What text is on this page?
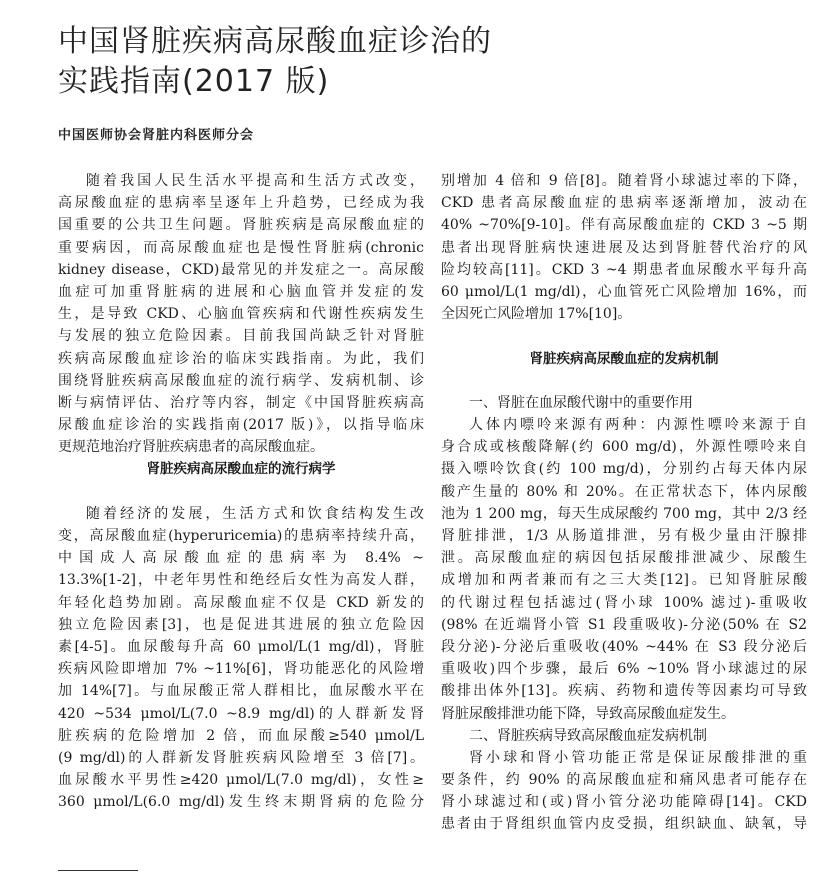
中国肾脏疾病高尿酸血症诊治的
实践指南(2017 版)
中国医师协会肾脏内科医师分会
随着我国人民生活水平提高和生活方式改变，
高尿酸血症的患病率呈逐年上升趋势，已经成为我
国重要的公共卫生问题。肾脏疾病是高尿酸血症的
重要病因，而高尿酸血症也是慢性肾脏病(chronic
kidney disease，CKD)最常见的并发症之一。高尿酸
血症可加重肾脏病的进展和心脑血管并发症的发
生，是导致 CKD、心脑血管疾病和代谢性疾病发生
与发展的独立危险因素。目前我国尚缺乏针对肾脏
疾病高尿酸血症诊治的临床实践指南。为此，我们
围绕肾脏疾病高尿酸血症的流行病学、发病机制、诊
断与病情评估、治疗等内容，制定《中国肾脏疾病高
尿酸血症诊治的实践指南(2017 版)》，以指导临床
更规范地治疗肾脏疾病患者的高尿酸血症。
肾脏疾病高尿酸血症的流行病学
随着经济的发展，生活方式和饮食结构发生改
变，高尿酸血症(hyperuricemia)的患病率持续升高，
中国成人高尿酸血症的患病率为 8.4% ~
13.3%[1-2]，中老年男性和绝经后女性为高发人群，
年轻化趋势加剧。高尿酸血症不仅是 CKD 新发的
独立危险因素[3]，也是促进其进展的独立危险因
素[4-5]。血尿酸每升高 60 μmol/L(1 mg/dl)，肾脏
疾病风险即增加 7% ~11%[6]，肾功能恶化的风险增
加 14%[7]。与血尿酸正常人群相比，血尿酸水平在
420 ~534 μmol/L(7.0 ~8.9 mg/dl)的人群新发肾
脏疾病的危险增加 2 倍，而血尿酸≥540 μmol/L
(9 mg/dl)的人群新发肾脏疾病风险增至 3 倍[7]。
血尿酸水平男性≥420 μmol/L(7.0 mg/dl)，女性≥
360 μmol/L(6.0 mg/dl)发生终末期肾病的危险分
别增加 4 倍和 9 倍[8]。随着肾小球滤过率的下降，
CKD 患者高尿酸血症的患病率逐渐增加，波动在
40% ~70%[9-10]。伴有高尿酸血症的 CKD 3 ~5 期
患者出现肾脏病快速进展及达到肾脏替代治疗的风
险均较高[11]。CKD 3 ~4 期患者血尿酸水平每升高
60 μmol/L(1 mg/dl)，心血管死亡风险增加 16%，而
全因死亡风险增加 17%[10]。
肾脏疾病高尿酸血症的发病机制
一、肾脏在血尿酸代谢中的重要作用
人体内嘌呤来源有两种：内源性嘌呤来源于自
身合成或核酸降解(约 600 mg/d)，外源性嘌呤来自
摄入嘌呤饮食(约 100 mg/d)，分别约占每天体内尿
酸产生量的 80% 和 20%。在正常状态下，体内尿酸
池为 1 200 mg，每天生成尿酸约 700 mg，其中 2/3 经
肾脏排泄，1/3 从肠道排泄，另有极少量由汗腺排
泄。高尿酸血症的病因包括尿酸排泄减少、尿酸生
成增加和两者兼而有之三大类[12]。已知肾脏尿酸
的代谢过程包括滤过(肾小球 100% 滤过)-重吸收
(98% 在近端肾小管 S1 段重吸收)-分泌(50% 在 S2
段分泌)-分泌后重吸收(40% ~44% 在 S3 段分泌后
重吸收)四个步骤，最后 6% ~10% 肾小球滤过的尿
酸排出体外[13]。疾病、药物和遗传等因素均可导致
肾脏尿酸排泄功能下降，导致高尿酸血症发生。
二、肾脏疾病导致高尿酸血症发病机制
肾小球和肾小管功能正常是保证尿酸排泄的重
要条件，约 90% 的高尿酸血症和痛风患者可能存在
肾小球滤过和(或)肾小管分泌功能障碍[14]。CKD
患者由于肾组织血管内皮受损，组织缺血、缺氧，导
